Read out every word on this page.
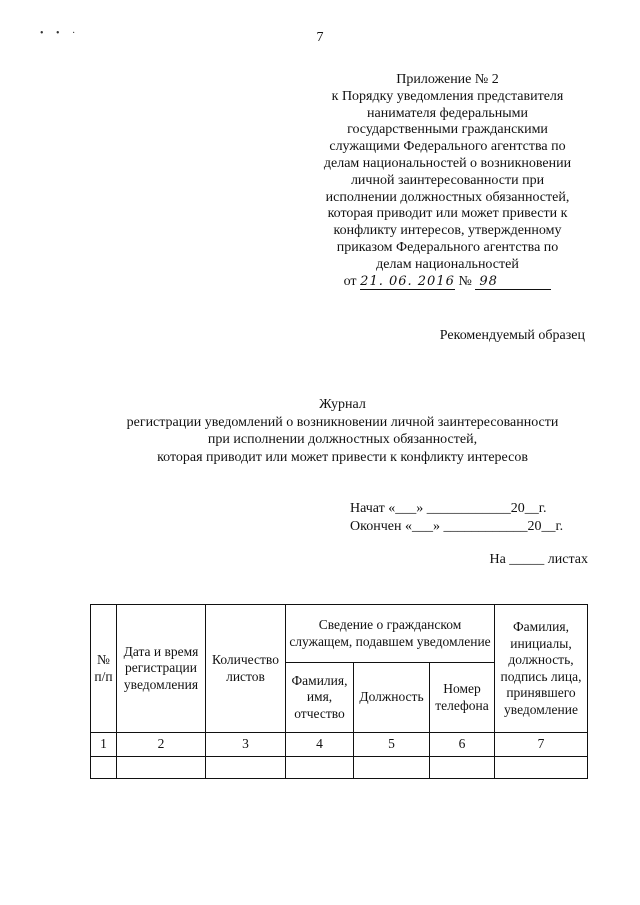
• • ·	7
Приложение № 2
к Порядку уведомления представителя
нанимателя федеральными
государственными гражданскими
служащими Федерального агентства по
делам национальностей о возникновении
личной заинтересованности при
исполнении должностных обязанностей,
которая приводит или может привести к
конфликту интересов, утвержденному
приказом Федерального агентства по
делам национальностей
от 21. 06. 2016 № 98
Рекомендуемый образец
Журнал
регистрации уведомлений о возникновении личной заинтересованности
при исполнении должностных обязанностей,
которая приводит или может привести к конфликту интересов
Начат «___» ____________20__г.
Окончен «___» ____________20__г.
На _____ листах
№ п/п	Дата и время регистрации уведомления	Количество листов	Сведение о гражданском служащем, подавшем уведомление			Фамилия, инициалы, должность, подпись лица, принявшего уведомление
			Фамилия, имя, отчество	Должность	Номер телефона	
1	2	3	4	5	6	7
